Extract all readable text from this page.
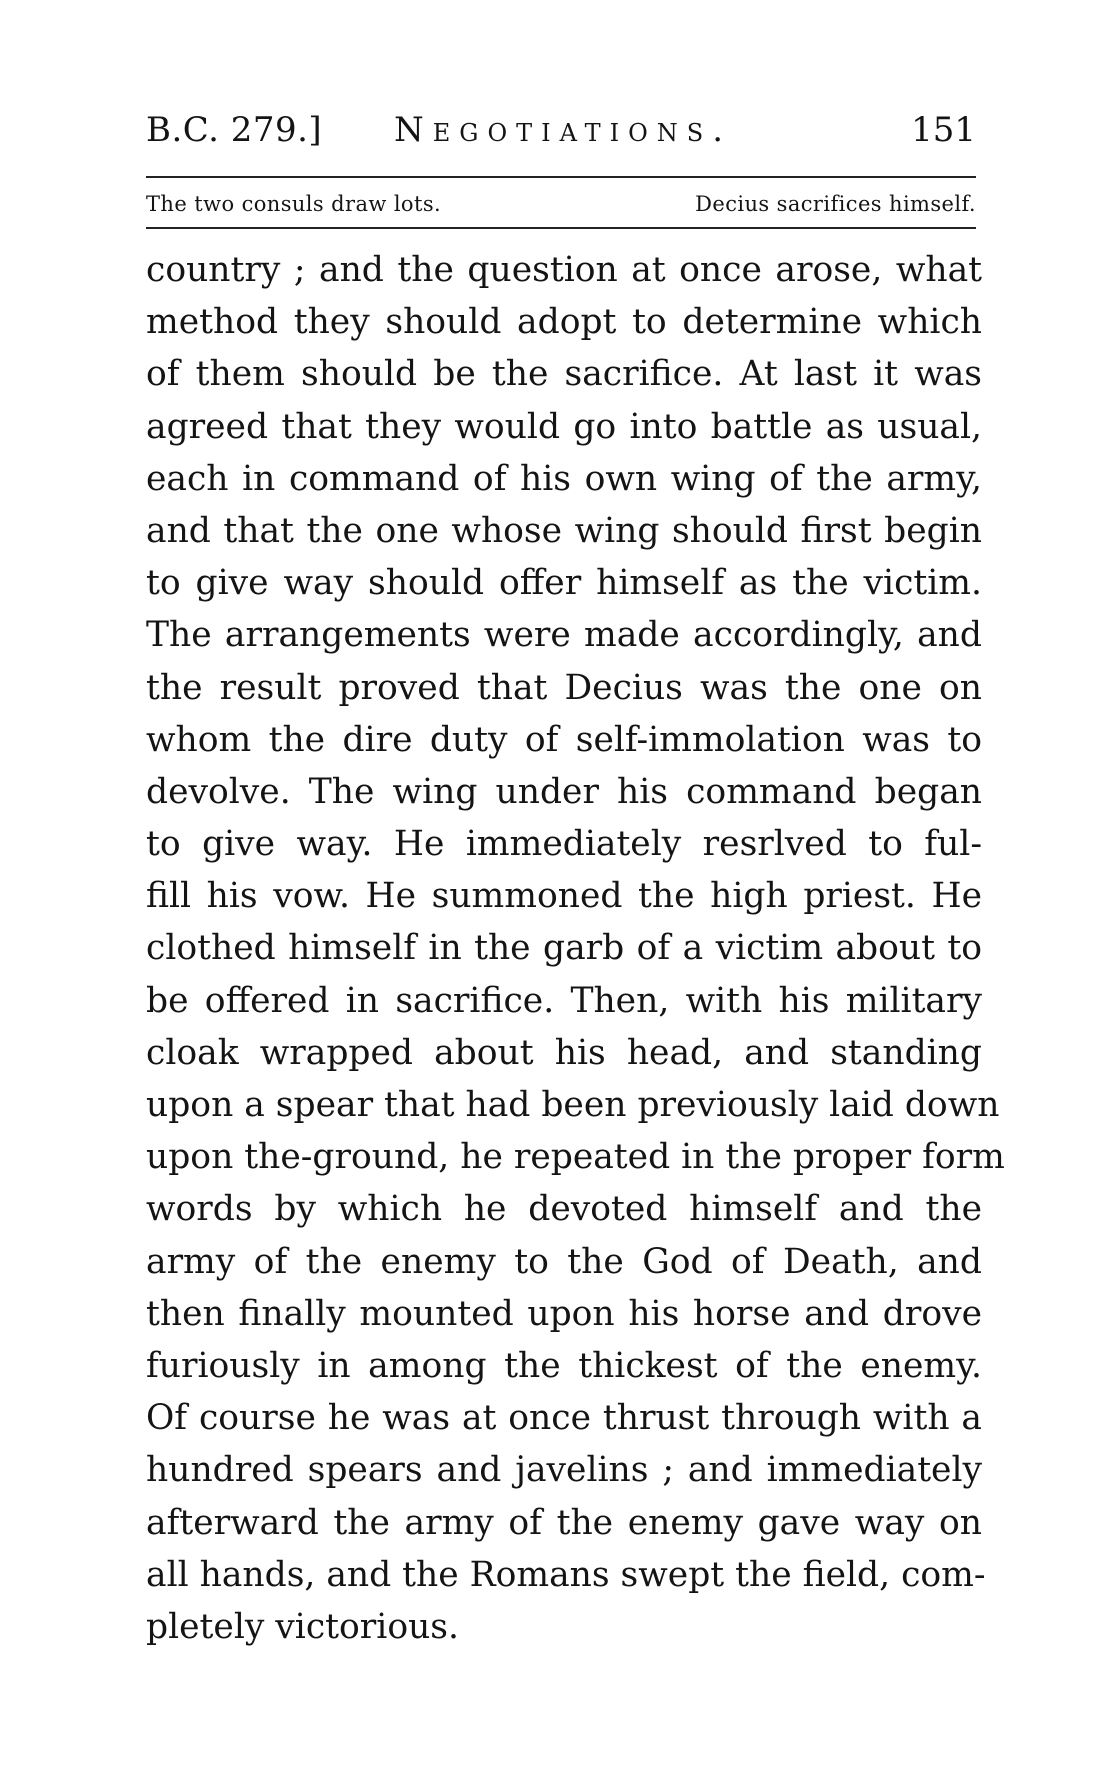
B.C. 279.] Negotiations.	151
The two consuls draw lots.	Decius sacrifices himself.
country ; and the question at once arose, what
method they should adopt to determine which
of them should be the sacrifice. At last it was
agreed that they would go into battle as usual,
each in command of his own wing of the army,
and that the one whose wing should first begin
to give way should offer himself as the victim.
The arrangements were made accordingly, and
the result proved that Decius was the one on
whom the dire duty of self-immolation was to
devolve. The wing under his command began
to give way. He immediately resrlved to ful-
fill his vow. He summoned the high priest. He
clothed himself in the garb of a victim about to
be offered in sacrifice. Then, with his military
cloak wrapped about his head, and standing
upon a spear that had been previously laid down
upon the-ground, he repeated in the proper form
words by which he devoted himself and the
army of the enemy to the God of Death, and
then finally mounted upon his horse and drove
furiously in among the thickest of the enemy.
Of course he was at once thrust through with a
hundred spears and javelins ; and immediately
afterward the army of the enemy gave way on
all hands, and the Romans swept the field, com-
pletely victorious.
